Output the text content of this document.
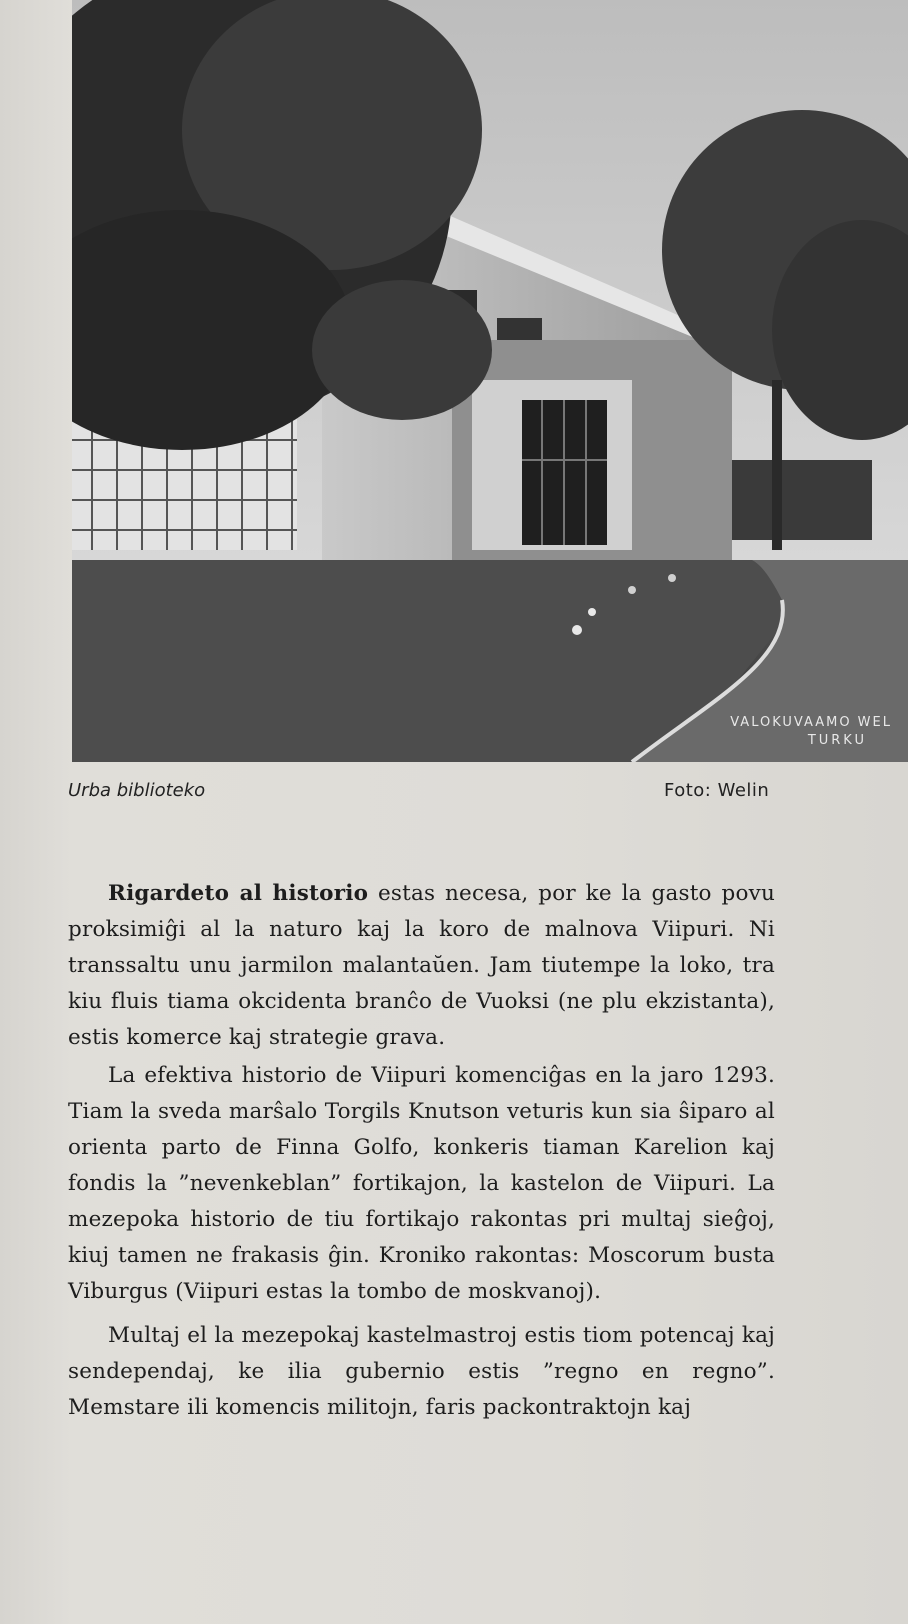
VALOKUVAAMO WEL
TURKU
Urba biblioteko	Foto: Welin

Rigardeto al historio estas necesa, por ke la gasto povu proksimiĝi al la naturo kaj la koro de malnova Viipuri. Ni transsaltu unu jarmilon malantaŭen. Jam tiutempe la loko, tra kiu fluis tiama okcidenta branĉo de Vuoksi (ne plu ekzistanta), estis komerce kaj strategie grava.

La efektiva historio de Viipuri komenciĝas en la jaro 1293. Tiam la sveda marŝalo Torgils Knutson veturis kun sia ŝiparo al orienta parto de Finna Golfo, konkeris tiaman Karelion kaj fondis la ”nevenkeblan” fortikajon, la kastelon de Viipuri. La mezepoka historio de tiu fortikajo rakontas pri multaj sieĝoj, kiuj tamen ne frakasis ĝin. Kroniko rakontas: Moscorum busta Viburgus (Viipuri estas la tombo de moskvanoj).

Multaj el la mezepokaj kastelmastroj estis tiom potencaj kaj sendependaj, ke ilia gubernio estis ”regno en regno”. Memstare ili komencis militojn, faris packontraktojn kaj
